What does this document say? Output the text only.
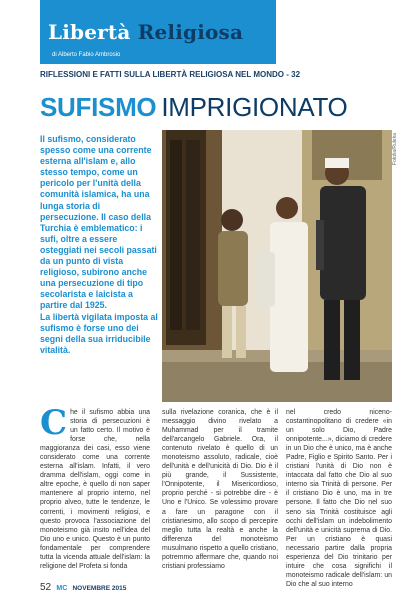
Libertà Religiosa
di Alberto Fabio Ambrosio
RIFLESSIONI E FATTI SULLA LIBERTÀ RELIGIOSA NEL MONDO - 32
SUFISMO IMPRIGIONATO

Il sufismo, considerato spesso come una corrente esterna all'islam e, allo stesso tempo, come un pericolo per l'unità della comunità islamica, ha una lunga storia di persecuzione. Il caso della Turchia è emblematico: i sufi, oltre a essere osteggiati nei secoli passati da un punto di vista religioso, subirono anche una persecuzione di tipo secolarista e laicista a partire dal 1925.

La libertà vigilata imposta al sufismo è forse uno dei segni della sua irriducibile vitalità.

Fotolia/Ruleka

Che il sufismo abbia una storia di persecuzioni è un fatto certo. Il motivo è forse che, nella maggioranza dei casi, esso viene considerato come una corrente esterna all'islam. Infatti, il vero dramma dell'islam, oggi come in altre epoche, è quello di non saper mantenere al proprio interno, nel proprio alveo, tutte le tendenze, le correnti, i movimenti religiosi, e questo provoca l'associazione del monoteismo già insito nell'idea del Dio uno e unico. Questo è un punto fondamentale per comprendere tutta la vicenda attuale dell'islam: la religione del Profeta si fonda

sulla rivelazione coranica, che è il messaggio divino rivelato a Muhammad per il tramite dell'arcangelo Gabriele. Ora, il contenuto rivelato è quello di un monoteismo assoluto, radicale, cioè dell'unità e dell'unicità di Dio. Dio è il più grande, il Sussistente, l'Onnipotente, il Misericordioso, proprio perché - si potrebbe dire - è Uno e l'Unico. Se volessimo provare a fare un paragone con il cristianesimo, allo scopo di percepire meglio tutta la realtà e anche la differenza del monoteismo musulmano rispetto a quello cristiano, potremmo affermare che, quando noi cristiani professiamo

nel credo niceno-costantinopolitano di credere «in un solo Dio, Padre onnipotente...», diciamo di credere in un Dio che è unico, ma è anche Padre, Figlio e Spirito Santo. Per i cristiani l'unità di Dio non è intaccata dal fatto che Dio al suo interno sia Trinità di persone. Per il cristiano Dio è uno, ma in tre persone. Il fatto che Dio nel suo seno sia Trinità costituisce agli occhi dell'islam un indebolimento dell'unità e unicità suprema di Dio. Per un cristiano è quasi necessario partire dalla propria esperienza del Dio trinitario per intuire che cosa significhi il monoteismo radicale dell'islam: un Dio che al suo interno

52 MC NOVEMBRE 2015
